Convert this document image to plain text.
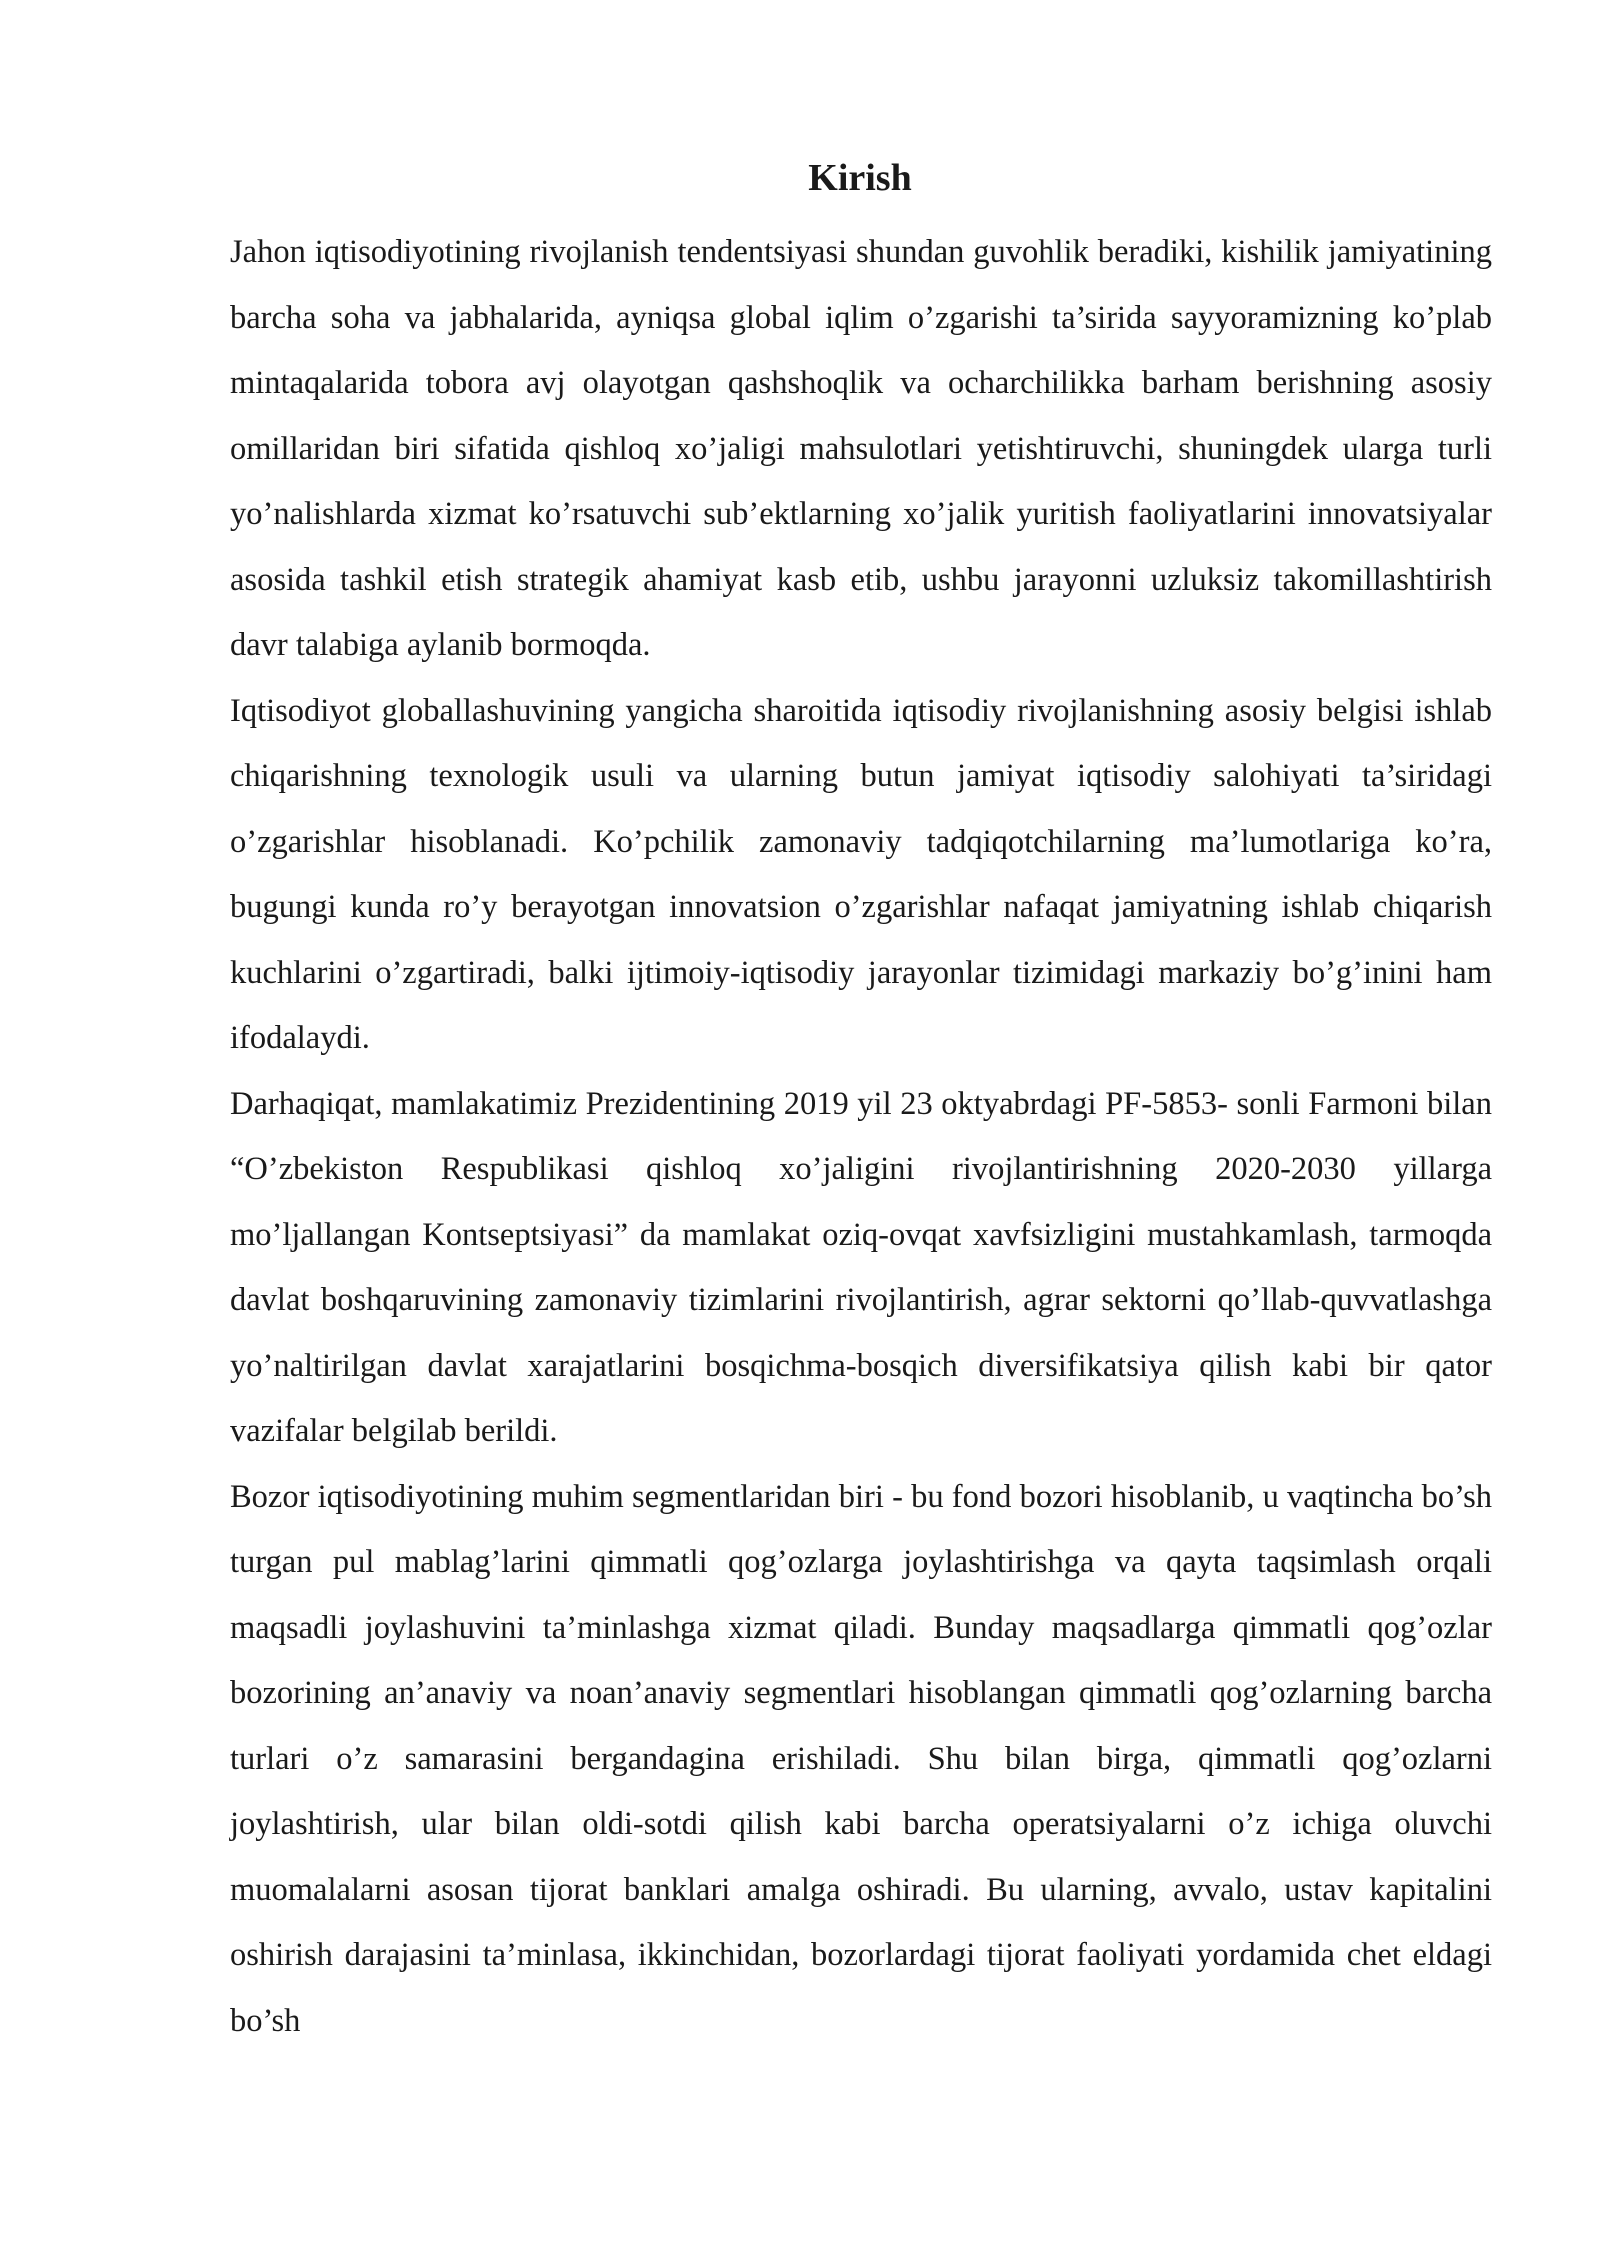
Kirish

Jahon iqtisodiyotining rivojlanish tendentsiyasi shundan guvohlik beradiki, kishilik jamiyatining barcha soha va jabhalarida, ayniqsa global iqlim o’zgarishi ta’sirida sayyoramizning ko’plab mintaqalarida tobora avj olayotgan qashshoqlik va ocharchilikka barham berishning asosiy omillaridan biri sifatida qishloq xo’jaligi mahsulotlari yetishtiruvchi, shuningdek ularga turli yo’nalishlarda xizmat ko’rsatuvchi sub’ektlarning xo’jalik yuritish faoliyatlarini innovatsiyalar asosida tashkil etish strategik ahamiyat kasb etib, ushbu jarayonni uzluksiz takomillashtirish davr talabiga aylanib bormoqda.

Iqtisodiyot globallashuvining yangicha sharoitida iqtisodiy rivojlanishning asosiy belgisi ishlab chiqarishning texnologik usuli va ularning butun jamiyat iqtisodiy salohiyati ta’siridagi o’zgarishlar hisoblanadi. Ko’pchilik zamonaviy tadqiqotchilarning ma’lumotlariga ko’ra, bugungi kunda ro’y berayotgan innovatsion o’zgarishlar nafaqat jamiyatning ishlab chiqarish kuchlarini o’zgartiradi, balki ijtimoiy-iqtisodiy jarayonlar tizimidagi markaziy bo’g’inini ham ifodalaydi.

Darhaqiqat, mamlakatimiz Prezidentining 2019 yil 23 oktyabrdagi PF-5853- sonli Farmoni bilan “O’zbekiston Respublikasi qishloq xo’jaligini rivojlantirishning 2020-2030 yillarga mo’ljallangan Kontseptsiyasi” da mamlakat oziq-ovqat xavfsizligini mustahkamlash, tarmoqda davlat boshqaruvining zamonaviy tizimlarini rivojlantirish, agrar sektorni qo’llab-quvvatlashga yo’naltirilgan davlat xarajatlarini bosqichma-bosqich diversifikatsiya qilish kabi bir qator vazifalar belgilab berildi.

Bozor iqtisodiyotining muhim segmentlaridan biri - bu fond bozori hisoblanib, u vaqtincha bo’sh turgan pul mablag’larini qimmatli qog’ozlarga joylashtirishga va qayta taqsimlash orqali maqsadli joylashuvini ta’minlashga xizmat qiladi. Bunday maqsadlarga qimmatli qog’ozlar bozorining an’anaviy va noan’anaviy segmentlari hisoblangan qimmatli qog’ozlarning barcha turlari o’z samarasini bergandagina erishiladi. Shu bilan birga, qimmatli qog’ozlarni joylashtirish, ular bilan oldi-sotdi qilish kabi barcha operatsiyalarni o’z ichiga oluvchi muomalalarni asosan tijorat banklari amalga oshiradi. Bu ularning, avvalo, ustav kapitalini oshirish darajasini ta’minlasa, ikkinchidan, bozorlardagi tijorat faoliyati yordamida chet eldagi bo’sh
